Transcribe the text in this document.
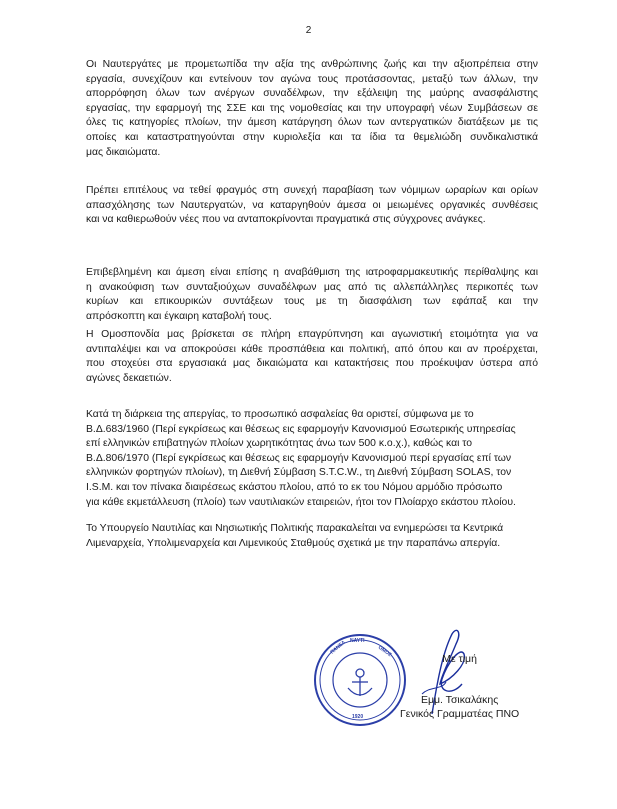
2
Οι Ναυτεργάτες με προμετωπίδα την αξία της ανθρώπινης ζωής και την αξιοπρέπεια στην
εργασία, συνεχίζουν και εντείνουν τον αγώνα τους προτάσσοντας, μεταξύ των άλλων, την
απορρόφηση όλων των ανέργων συναδέλφων, την εξάλειψη της μαύρης ανασφάλιστης
εργασίας, την εφαρμογή της ΣΣΕ και της νομοθεσίας και την υπογραφή νέων Συμβάσεων σε
όλες τις κατηγορίες πλοίων, την άμεση κατάργηση όλων των αντεργατικών διατάξεων με τις
οποίες και καταστρατηγούνται στην κυριολεξία και τα ίδια τα θεμελιώδη συνδικαλιστικά
μας δικαιώματα.
Πρέπει επιτέλους να τεθεί φραγμός στη συνεχή παραβίαση των νόμιμων ωραρίων και ορίων
απασχόλησης των Ναυτεργατών, να καταργηθούν άμεσα οι μειωμένες οργανικές συνθέσεις
και να καθιερωθούν νέες που να ανταποκρίνονται πραγματικά στις σύγχρονες ανάγκες.
Επιβεβλημένη και άμεση είναι επίσης η αναβάθμιση της ιατροφαρμακευτικής περίθαλψης και
η ανακούφιση των συνταξιούχων συναδέλφων μας από τις αλλεπάλληλες περικοπές των
κυρίων και επικουρικών συντάξεων τους με τη διασφάλιση των εφάπαξ και την
απρόσκοπτη και έγκαιρη καταβολή τους.
Η Ομοσπονδία μας βρίσκεται σε πλήρη επαγρύπνηση και αγωνιστική ετοιμότητα για να
αντιπαλέψει και να αποκρούσει κάθε προσπάθεια και πολιτική, από όπου και αν προέρχεται,
που στοχεύει στα εργασιακά μας δικαιώματα και κατακτήσεις που προέκυψαν ύστερα από
αγώνες δεκαετιών.
Κατά τη διάρκεια της απεργίας, το προσωπικό ασφαλείας θα οριστεί, σύμφωνα με το
Β.Δ.683/1960 (Περί εγκρίσεως και θέσεως εις εφαρμογήν Κανονισμού Εσωτερικής υπηρεσίας
επί ελληνικών επιβατηγών πλοίων χωρητικότητας άνω των 500 κ.ο.χ.), καθώς και το
Β.Δ.806/1970 (Περί εγκρίσεως και θέσεως εις εφαρμογήν Κανονισμού περί εργασίας επί των
ελληνικών φορτηγών πλοίων), τη Διεθνή Σύμβαση S.T.C.W., τη Διεθνή Σύμβαση SOLAS, τον
I.S.M. και τον πίνακα διαιρέσεως εκάστου πλοίου, από το εκ του Νόμου αρμόδιο πρόσωπο
για κάθε εκμετάλλευση (πλοίο) των ναυτιλιακών εταιρειών, ήτοι τον Πλοίαρχο εκάστου πλοίου.
Το Υπουργείο Ναυτιλίας και Νησιωτικής Πολιτικής παρακαλείται να ενημερώσει τα Κεντρικά
Λιμεναρχεία, Υπολιμεναρχεία και Λιμενικούς Σταθμούς σχετικά με την παραπάνω απεργία.
ΠΑΝΕΛ ΝΑΥΤΙ
ΟΜΟΣ
1920
Με τιμή
Εμμ. Τσικαλάκης
Γενικός Γραμματέας ΠΝΟ
